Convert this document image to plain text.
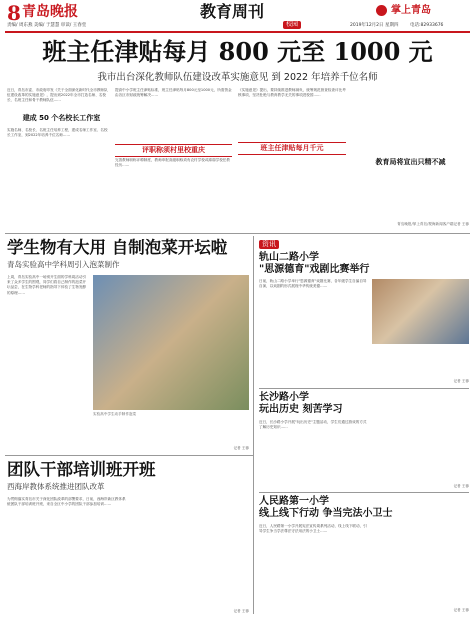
8 青岛晚报
责编/ 周东燕 美编/ 于慧慧 审读/ 王春堂
教育周刊
校园
掌上青岛
2019年12月2日 星期四	电话:82933676
班主任津贴每月 800 元至 1000 元
我市出台深化教师队伍建设改革实施意见 到 2022 年培养千位名师
近日，青岛市委、市政府印发《关于全面深化新时代全市教师队伍建设改革的实施意见》，提出到2022年全市打造名师、名校长、名班主任和骨干教师队伍……
建成 50 个名校长工作室
实施名师、名校长、名班主任培养工程，建成名师工作室、名校长工作室，到2022年培养千位名师……
提高中小学班主任津贴标准，班主任津贴每月800元至1000元，所需资金由各区市财政统筹解决……
评职称须村里校重庆
完善教师职称评聘制度，教师申报高级职称须有农村学校或薄弱学校任教经历……
《实施意见》提出，要持续推进教师减负，统筹规范督查检查评比考核事项，坚决杜绝与教育教学无关的事项进校园……
班主任津贴每月千元
教育局将宣出只精不减
青岛晚报/掌上青岛/观海新闻客户端记者 王蓉
学生物有大用 自制泡菜开坛啦
青岛实验高中学科周引入泡菜制作
上周，青岛实验高中一场别开生面的学科周活动引来了众多学生的围观，同学们将自己制作的泡菜开坛品尝，在生物学科老师的指导下体验了生物发酵的原理……
实验高中学生动手制作泡菜
记者 王蓉
团队干部培训班开班
西海岸教体系统推进团队改革
为贯彻落实青岛市关于深化团队改革的部署要求，日前，西海岸新区教体系统团队干部培训班开班，来自全区中小学的团队干部参加培训……
记者 王蓉
资讯
轨山二路小学
"思源德育"戏剧比赛举行
日前，轨山二路小学举行"思源德育"戏剧比赛，各年级学生自编自导自演，以戏剧的形式展现中华传统美德……
记者 王蓉
长沙路小学
玩出历史 刻苦学习
近日，长沙路小学开展"玩出历史"主题活动，学生们通过游戏的方式了解历史知识……
记者 王蓉
人民路第一小学
线上线下行动 争当完法小卫士
近日，人民路第一小学开展宪法宣传周系列活动，线上线下联动，引导学生争当学法尊法守法用法的小卫士……
记者 王蓉
